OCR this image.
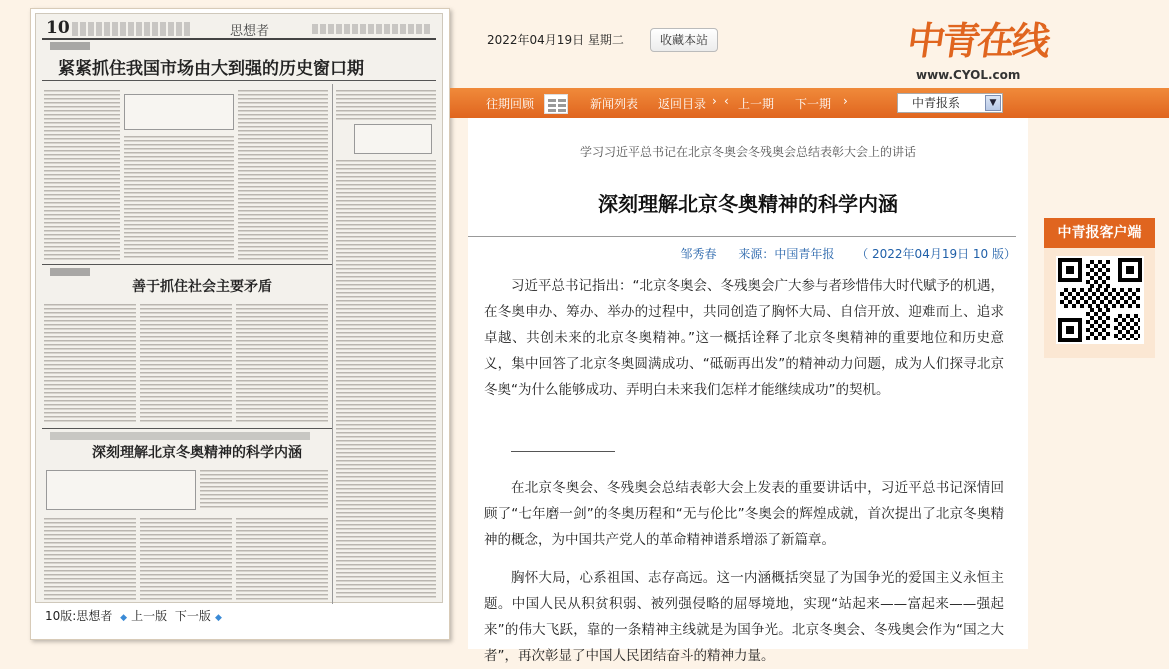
10	思想者
紧紧抓住我国市场由大到强的历史窗口期
善于抓住社会主要矛盾
深刻理解北京冬奥精神的科学内涵
10版:思想者 ◆ 上一版 下一版 ◆
2022年04月19日 星期二	收藏本站	中青在线
www.CYOL.com
往期回顾	新闻列表 返回目录 › ‹ 上一期 下一期 ›	中青报系	▼
学习习近平总书记在北京冬奥会冬残奥会总结表彰大会上的讲话
深刻理解北京冬奥精神的科学内涵
邹秀春 来源：中国青年报 （ 2022年04月19日 10 版）

习近平总书记指出：“北京冬奥会、冬残奥会广大参与者珍惜伟大时代赋予的机遇，在冬奥申办、筹办、举办的过程中，共同创造了胸怀大局、自信开放、迎难而上、追求卓越、共创未来的北京冬奥精神。”这一概括诠释了北京冬奥精神的重要地位和历史意义，集中回答了北京冬奥圆满成功、“砥砺再出发”的精神动力问题，成为人们探寻北京冬奥“为什么能够成功、弄明白未来我们怎样才能继续成功”的契机。

在北京冬奥会、冬残奥会总结表彰大会上发表的重要讲话中，习近平总书记深情回顾了“七年磨一剑”的冬奥历程和“无与伦比”冬奥会的辉煌成就，首次提出了北京冬奥精神的概念，为中国共产党人的革命精神谱系增添了新篇章。

胸怀大局，心系祖国、志存高远。这一内涵概括突显了为国争光的爱国主义永恒主题。中国人民从积贫积弱、被列强侵略的屈辱境地，实现“站起来——富起来——强起来”的伟大飞跃，靠的一条精神主线就是为国争光。北京冬奥会、冬残奥会作为“国之大者”，再次彰显了中国人民团结奋斗的精神力量。

中青报客户端
